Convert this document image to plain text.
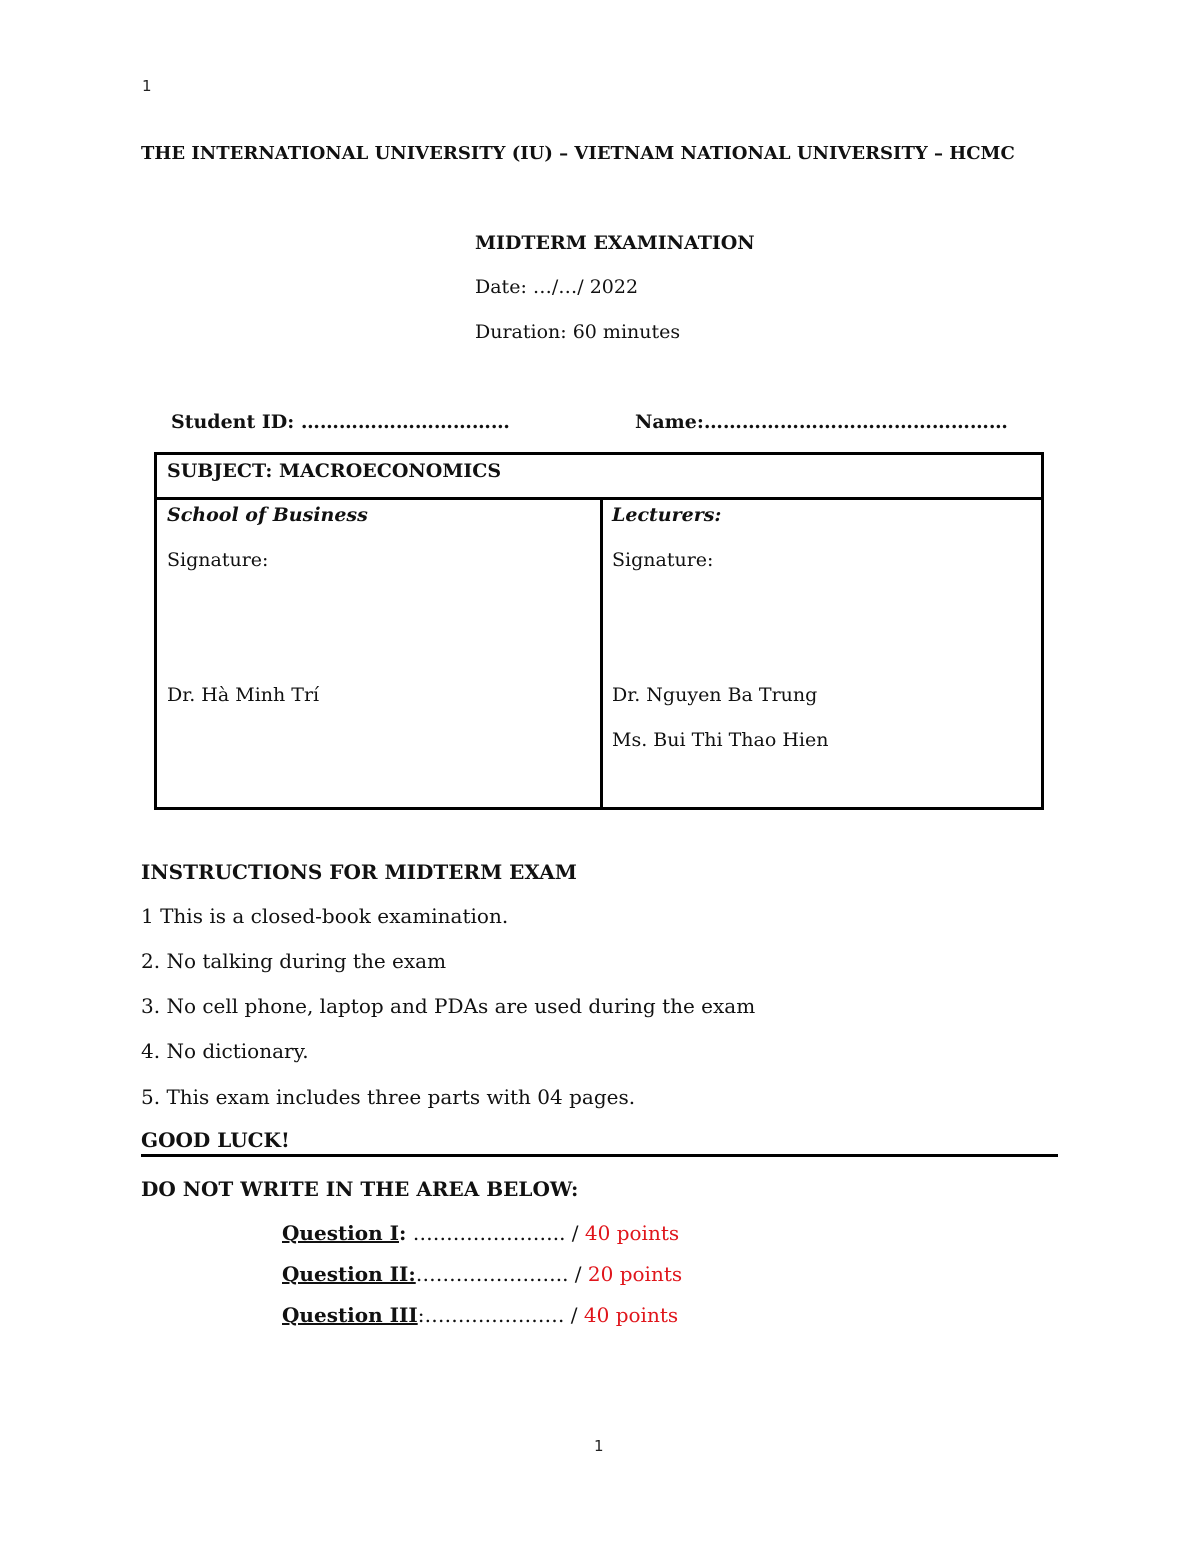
1
1
THE INTERNATIONAL UNIVERSITY (IU) – VIETNAM NATIONAL UNIVERSITY – HCMC
MIDTERM EXAMINATION
Date: …/…/ 2022
Duration: 60 minutes
Student ID: ……………………………	Name:…………………………………………
SUBJECT: MACROECONOMICS
School of Business
Signature:
Dr. Hà Minh Trí
Lecturers:
Signature:
Dr. Nguyen Ba Trung
Ms. Bui Thi Thao Hien
INSTRUCTIONS FOR MIDTERM EXAM
1 This is a closed-book examination.
2. No talking during the exam
3. No cell phone, laptop and PDAs are used during the exam
4. No dictionary.
5. This exam includes three parts with 04 pages.
GOOD LUCK!
DO NOT WRITE IN THE AREA BELOW:
Question I: ………………….. / 40 points
Question II:………………….. / 20 points
Question III:………………… / 40 points
